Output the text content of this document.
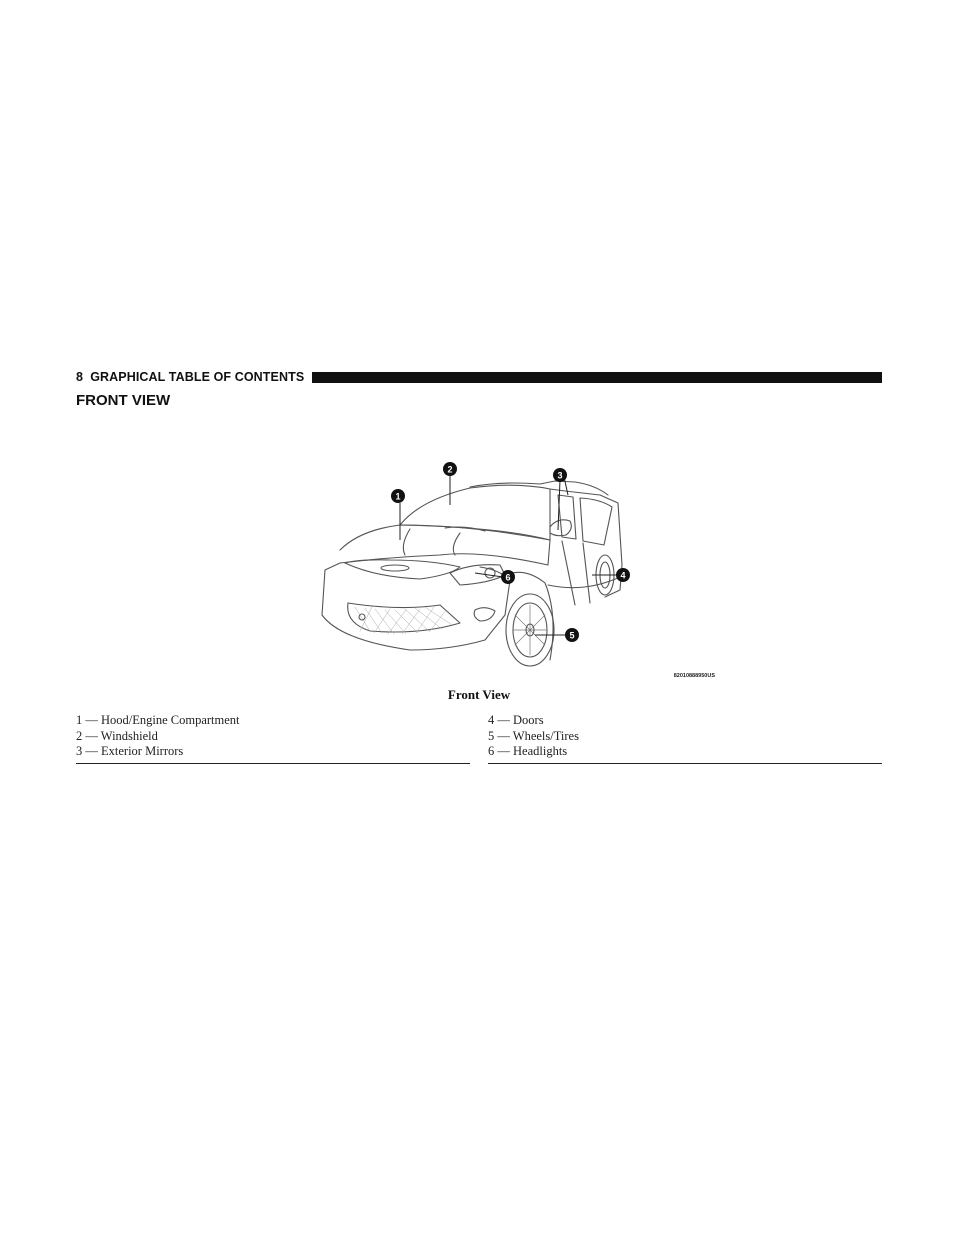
8 GRAPHICAL TABLE OF CONTENTS
FRONT VIEW
1
2
3
4
5
6
82010888950US
Front View
1 — Hood/Engine Compartment
2 — Windshield
3 — Exterior Mirrors
4 — Doors
5 — Wheels/Tires
6 — Headlights
